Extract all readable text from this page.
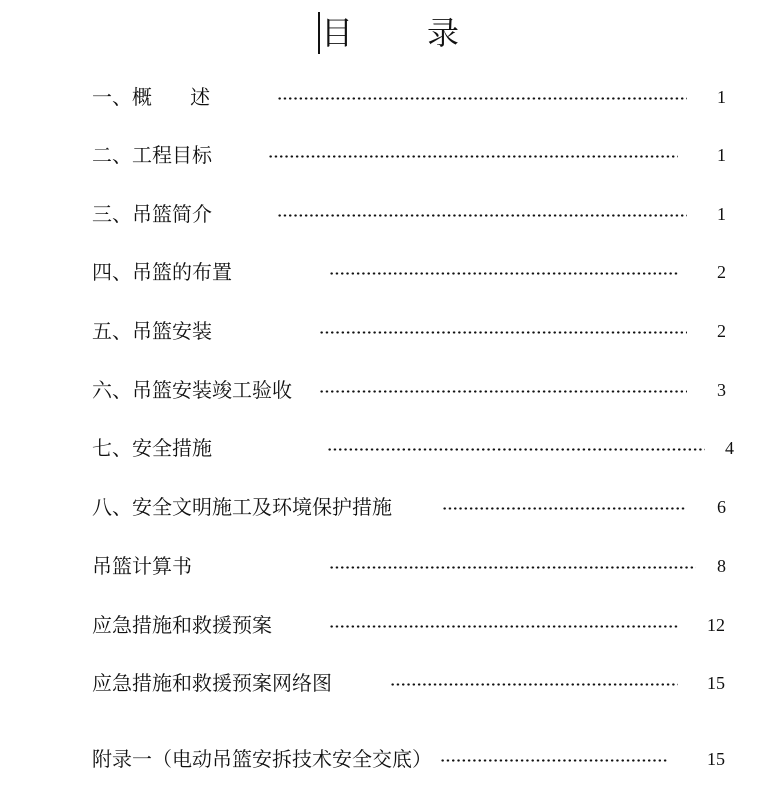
目 录
一、概      述	1
二、工程目标	1
三、吊篮简介	1
四、吊篮的布置	2
五、吊篮安装	2
六、吊篮安装竣工验收	3
七、安全措施	4
八、安全文明施工及环境保护措施	6
吊篮计算书	8
应急措施和救援预案	12
应急措施和救援预案网络图	15
附录一（电动吊篮安拆技术安全交底）	15
